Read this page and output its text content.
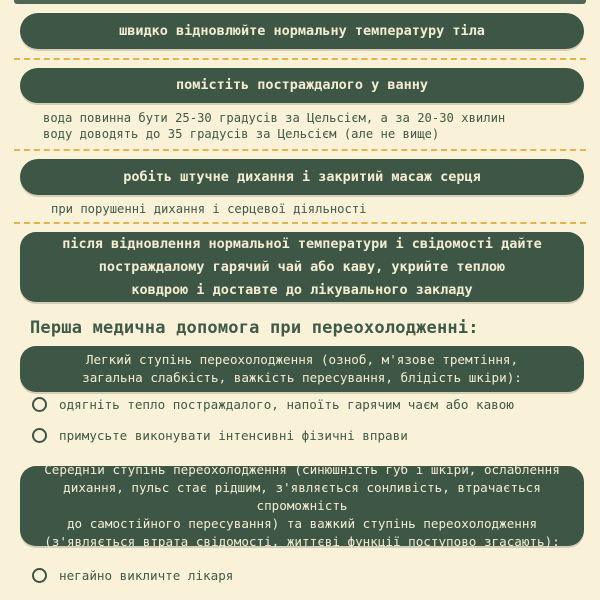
швидко відновлюйте нормальну температуру тіла
помістіть постраждалого у ванну
вода повинна бути 25-30 градусів за Цельсієм, а за 20-30 хвилин
воду доводять до 35 градусів за Цельсієм (але не вище)
робіть штучне дихання і закритий масаж серця
при порушенні дихання і серцевої діяльності
після відновлення нормальної температури і свідомості дайте
постраждалому гарячий чай або каву, укрийте теплою
ковдрою і доставте до лікувального закладу
Перша медична допомога при переохолодженні:
Легкий ступінь переохолодження (озноб, м'язове тремтіння,
загальна слабкість, важкість пересування, блідість шкіри):
одягніть тепло постраждалого, напоїть гарячим чаєм або кавою
примусьте виконувати інтенсивні фізичні вправи
Середній ступінь переохолодження (синюшність губ і шкіри, ослаблення
дихання, пульс стає рідшим, з'являється сонливість, втрачається спроможність
до самостійного пересування) та важкий ступінь переохолодження
(з'являється втрата свідомості, життєві функції поступово згасають):
негайно викличте лікаря
